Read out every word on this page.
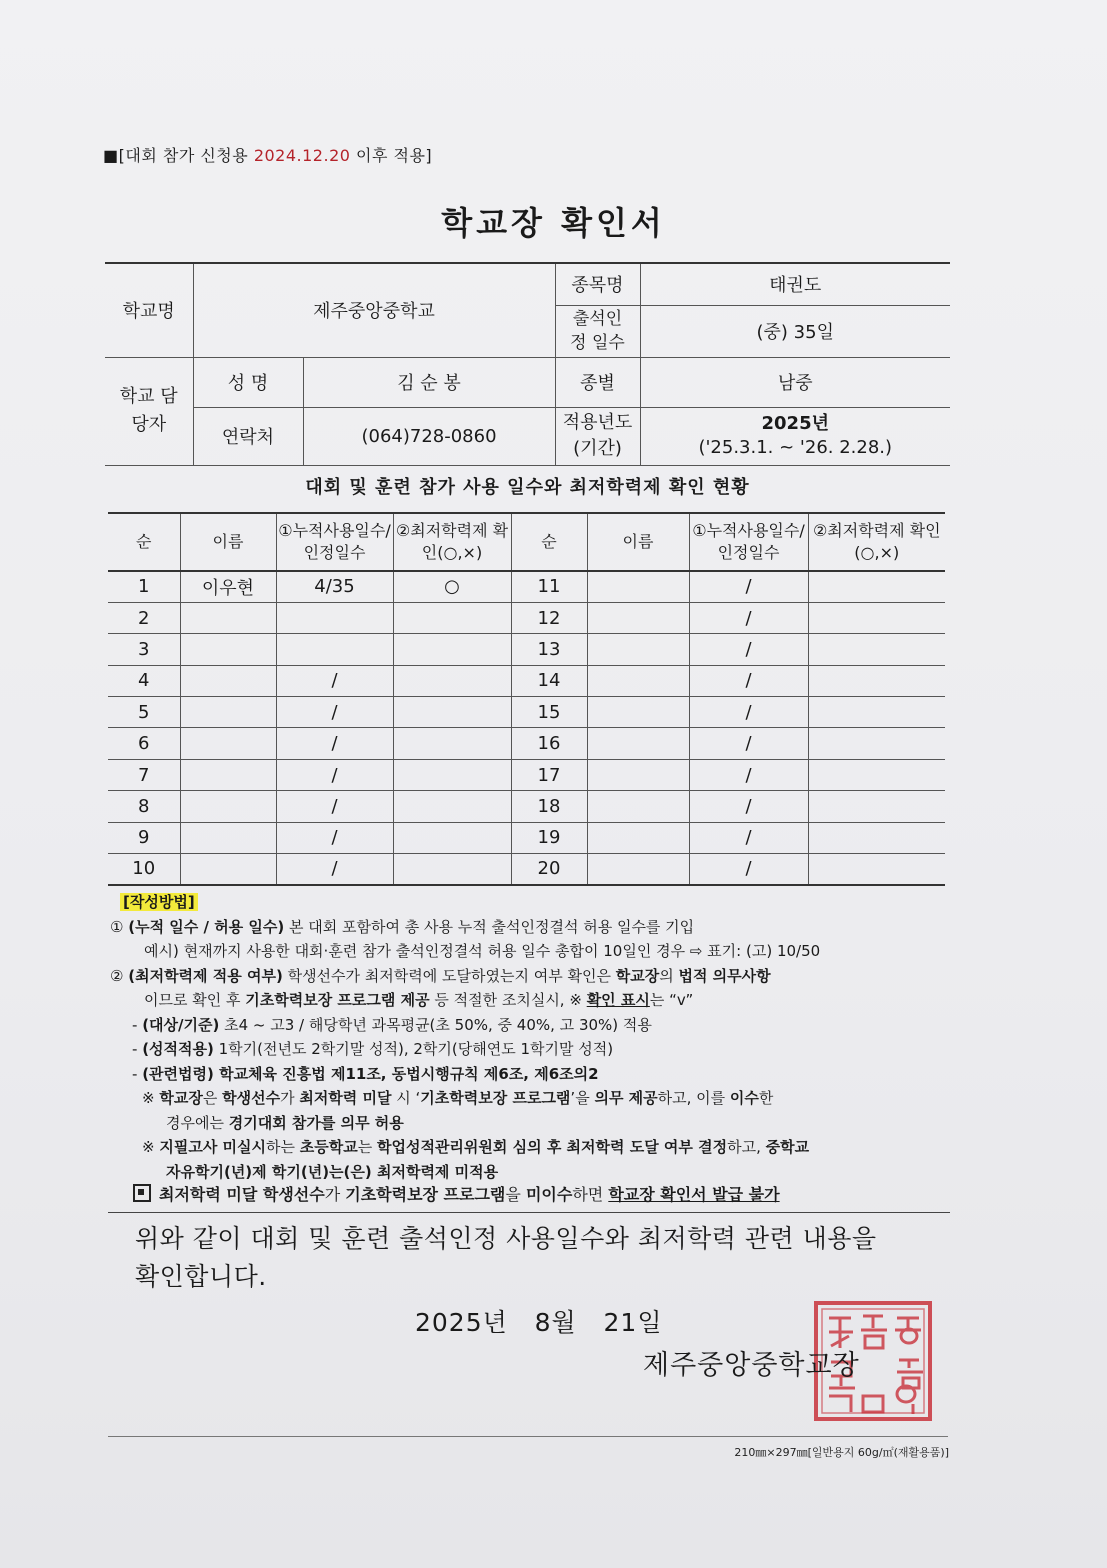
■[대회 참가 신청용 2024.12.20 이후 적용]
학교장 확인서
학교명	제주중앙중학교		종목명	태권도
			출석인정 일수	(중) 35일
학교 담당자	성 명	김 순 봉	종별	남중
	연락처	(064)728-0860	적용년도 (기간)	2025년
('25.3.1. ~ '26. 2.28.)
대회 및 훈련 참가 사용 일수와 최저학력제 확인 현황
순	이름	①누적사용일수/인정일수	②최저학력제 확인(○,×)	순	이름	①누적사용일수/인정일수	②최저학력제 확인(○,×)
1	이우현	4/35	○	11		/	
2				12		/	
3				13		/	
4		/		14		/	
5		/		15		/	
6		/		16		/	
7		/		17		/	
8		/		18		/	
9		/		19		/	
10		/		20		/	
[작성방법]
① (누적 일수 / 허용 일수) 본 대회 포함하여 총 사용 누적 출석인정결석 허용 일수를 기입
예시) 현재까지 사용한 대회·훈련 참가 출석인정결석 허용 일수 총합이 10일인 경우 ⇨ 표기: (고) 10/50
② (최저학력제 적용 여부) 학생선수가 최저학력에 도달하였는지 여부 확인은 학교장의 법적 의무사항
이므로 확인 후 기초학력보장 프로그램 제공 등 적절한 조치실시, ※ 확인 표시는 “v”
- (대상/기준) 초4 ~ 고3 / 해당학년 과목평균(초 50%, 중 40%, 고 30%) 적용
- (성적적용) 1학기(전년도 2학기말 성적), 2학기(당해연도 1학기말 성적)
- (관련법령) 학교체육 진흥법 제11조, 동법시행규칙 제6조, 제6조의2
※ 학교장은 학생선수가 최저학력 미달 시 ‘기초학력보장 프로그램’을 의무 제공하고, 이를 이수한
경우에는 경기대회 참가를 의무 허용
※ 지필고사 미실시하는 초등학교는 학업성적관리위원회 심의 후 최저학력 도달 여부 결정하고, 중학교
자유학기(년)제 학기(년)는(은) 최저학력제 미적용
최저학력 미달 학생선수가 기초학력보장 프로그램을 미이수하면 학교장 확인서 발급 불가
위와 같이 대회 및 훈련 출석인정 사용일수와 최저학력 관련 내용을
확인합니다.
2025년   8월   21일
제주중앙중학교장
210㎜×297㎜[일반용지 60g/㎡(재활용품)]
